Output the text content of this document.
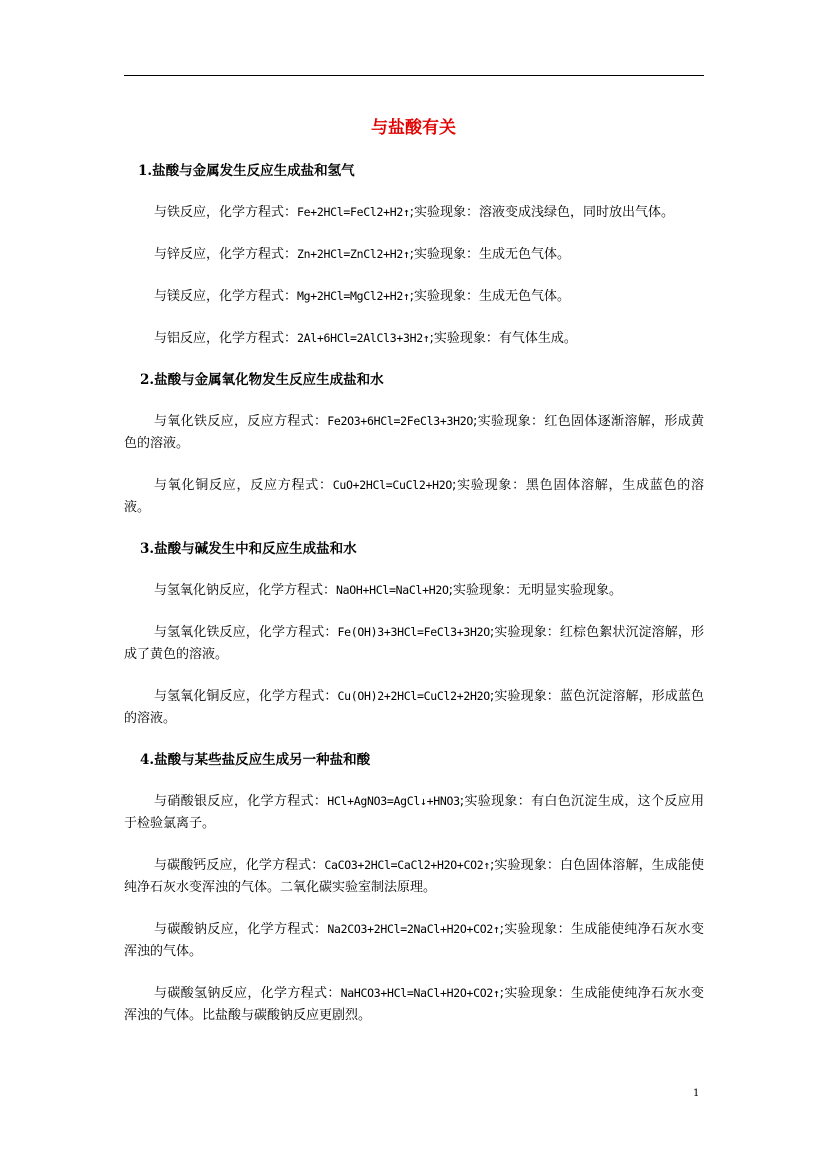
与盐酸有关

1.盐酸与金属发生反应生成盐和氢气

与铁反应，化学方程式：Fe+2HCl=FeCl2+H2↑;实验现象：溶液变成浅绿色，同时放出气体。

与锌反应，化学方程式：Zn+2HCl=ZnCl2+H2↑;实验现象：生成无色气体。

与镁反应，化学方程式：Mg+2HCl=MgCl2+H2↑;实验现象：生成无色气体。

与铝反应，化学方程式：2Al+6HCl=2AlCl3+3H2↑;实验现象：有气体生成。

2.盐酸与金属氧化物发生反应生成盐和水

与氧化铁反应，反应方程式：Fe2O3+6HCl=2FeCl3+3H2O;实验现象：红色固体逐渐溶解，形成黄色的溶液。

与氧化铜反应，反应方程式：CuO+2HCl=CuCl2+H2O;实验现象：黑色固体溶解，生成蓝色的溶液。

3.盐酸与碱发生中和反应生成盐和水

与氢氧化钠反应，化学方程式：NaOH+HCl=NaCl+H2O;实验现象：无明显实验现象。

与氢氧化铁反应，化学方程式：Fe(OH)3+3HCl=FeCl3+3H2O;实验现象：红棕色絮状沉淀溶解，形成了黄色的溶液。

与氢氧化铜反应，化学方程式：Cu(OH)2+2HCl=CuCl2+2H2O;实验现象：蓝色沉淀溶解，形成蓝色的溶液。

4.盐酸与某些盐反应生成另一种盐和酸

与硝酸银反应，化学方程式：HCl+AgNO3=AgCl↓+HNO3;实验现象：有白色沉淀生成，这个反应用于检验氯离子。

与碳酸钙反应，化学方程式：CaCO3+2HCl=CaCl2+H2O+CO2↑;实验现象：白色固体溶解，生成能使纯净石灰水变浑浊的气体。二氧化碳实验室制法原理。

与碳酸钠反应，化学方程式：Na2CO3+2HCl=2NaCl+H2O+CO2↑;实验现象：生成能使纯净石灰水变浑浊的气体。

与碳酸氢钠反应，化学方程式：NaHCO3+HCl=NaCl+H2O+CO2↑;实验现象：生成能使纯净石灰水变浑浊的气体。比盐酸与碳酸钠反应更剧烈。

1
